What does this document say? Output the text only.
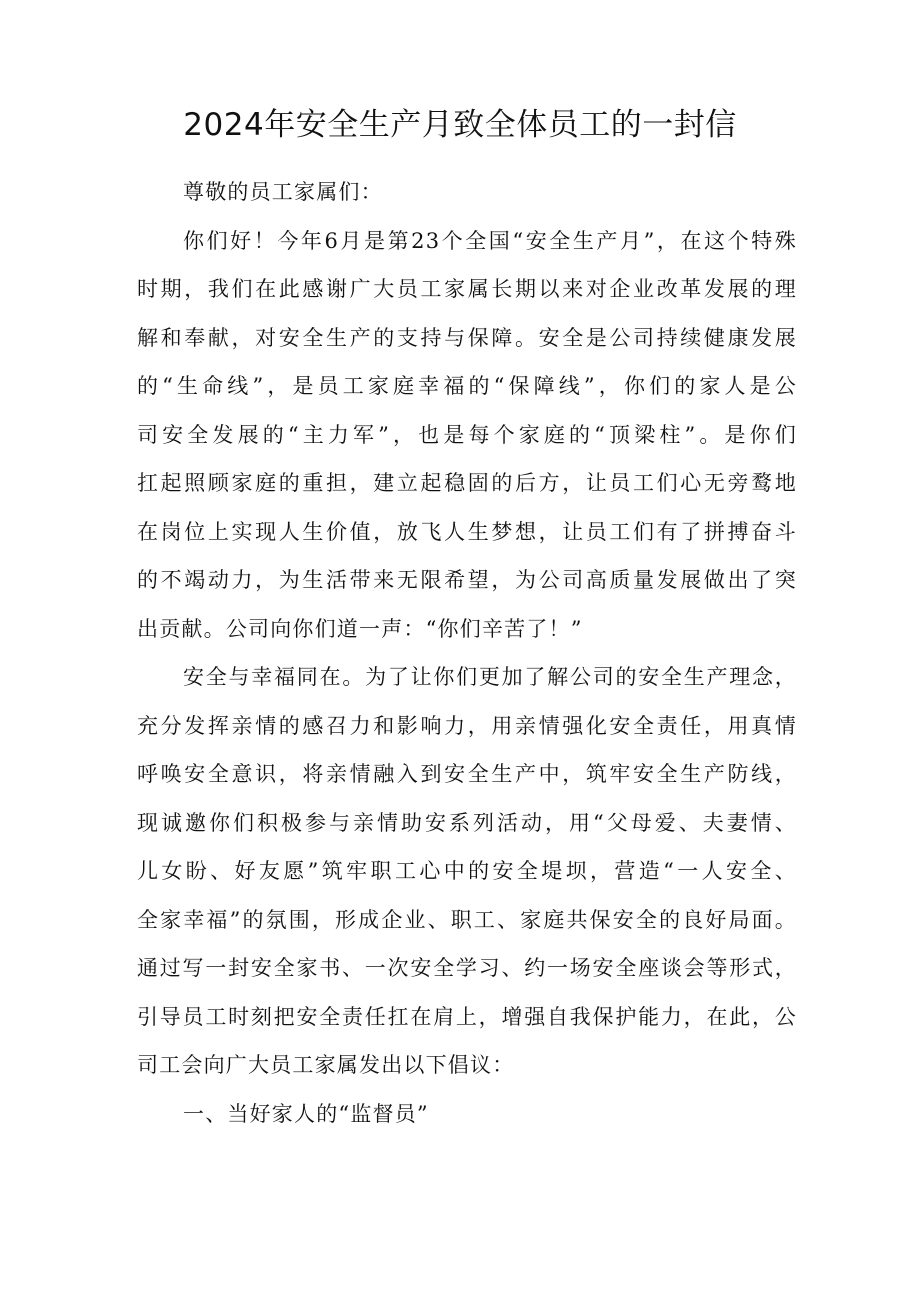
2024年安全生产月致全体员工的一封信
尊敬的员工家属们：
你们好！今年6月是第23个全国“安全生产月”，在这个特殊
时期，我们在此感谢广大员工家属长期以来对企业改革发展的理
解和奉献，对安全生产的支持与保障。安全是公司持续健康发展
的“生命线”，是员工家庭幸福的“保障线”，你们的家人是公
司安全发展的“主力军”，也是每个家庭的“顶梁柱”。是你们
扛起照顾家庭的重担，建立起稳固的后方，让员工们心无旁鹜地
在岗位上实现人生价值，放飞人生梦想，让员工们有了拼搏奋斗
的不竭动力，为生活带来无限希望，为公司高质量发展做出了突
出贡献。公司向你们道一声：“你们辛苦了！”
安全与幸福同在。为了让你们更加了解公司的安全生产理念，
充分发挥亲情的感召力和影响力，用亲情强化安全责任，用真情
呼唤安全意识，将亲情融入到安全生产中，筑牢安全生产防线，
现诚邀你们积极参与亲情助安系列活动，用“父母爱、夫妻情、
儿女盼、好友愿”筑牢职工心中的安全堤坝，营造“一人安全、
全家幸福”的氛围，形成企业、职工、家庭共保安全的良好局面。
通过写一封安全家书、一次安全学习、约一场安全座谈会等形式，
引导员工时刻把安全责任扛在肩上，增强自我保护能力，在此，公
司工会向广大员工家属发出以下倡议：
一、当好家人的“监督员”
